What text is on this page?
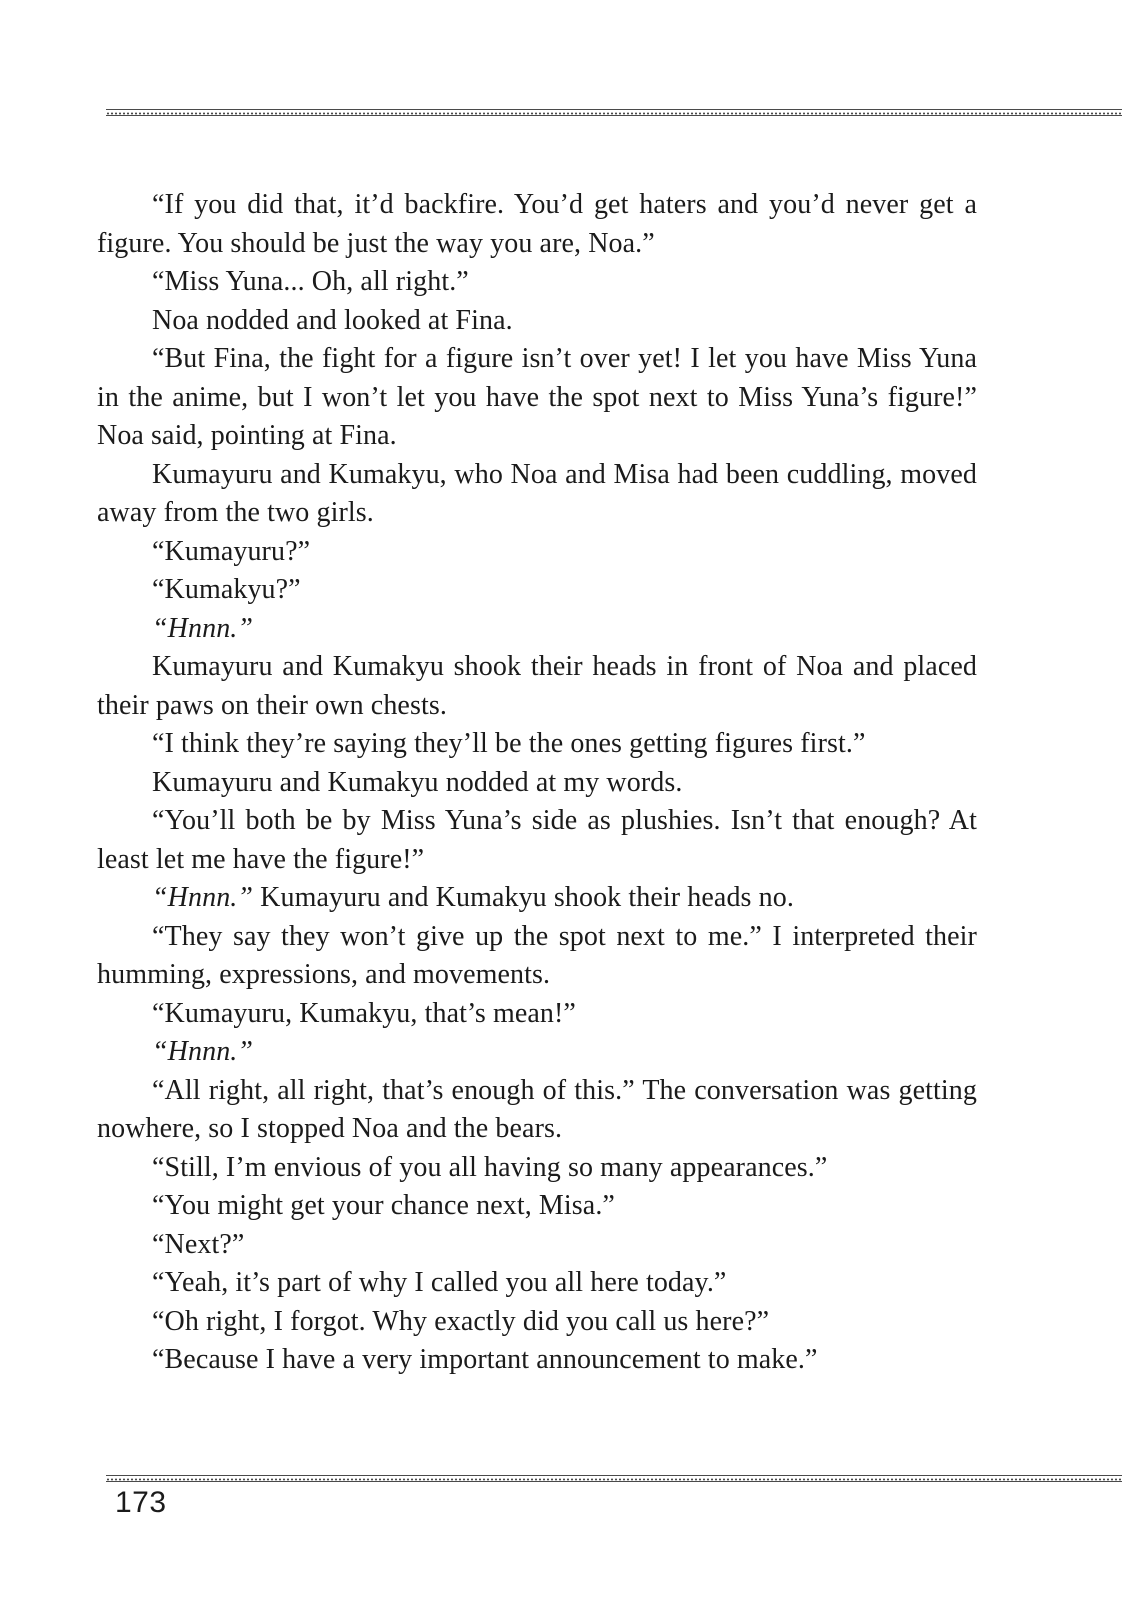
“If you did that, it’d backfire. You’d get haters and you’d never get a figure. You should be just the way you are, Noa.”

“Miss Yuna... Oh, all right.”

Noa nodded and looked at Fina.

“But Fina, the fight for a figure isn’t over yet! I let you have Miss Yuna in the anime, but I won’t let you have the spot next to Miss Yuna’s figure!” Noa said, pointing at Fina.

Kumayuru and Kumakyu, who Noa and Misa had been cuddling, moved away from the two girls.

“Kumayuru?”

“Kumakyu?”

“Hnnn.”

Kumayuru and Kumakyu shook their heads in front of Noa and placed their paws on their own chests.

“I think they’re saying they’ll be the ones getting figures first.”

Kumayuru and Kumakyu nodded at my words.

“You’ll both be by Miss Yuna’s side as plushies. Isn’t that enough? At least let me have the figure!”

“Hnnn.” Kumayuru and Kumakyu shook their heads no.

“They say they won’t give up the spot next to me.” I interpreted their humming, expressions, and movements.

“Kumayuru, Kumakyu, that’s mean!”

“Hnnn.”

“All right, all right, that’s enough of this.” The conversation was getting nowhere, so I stopped Noa and the bears.

“Still, I’m envious of you all having so many appearances.”

“You might get your chance next, Misa.”

“Next?”

“Yeah, it’s part of why I called you all here today.”

“Oh right, I forgot. Why exactly did you call us here?”

“Because I have a very important announcement to make.”

173
